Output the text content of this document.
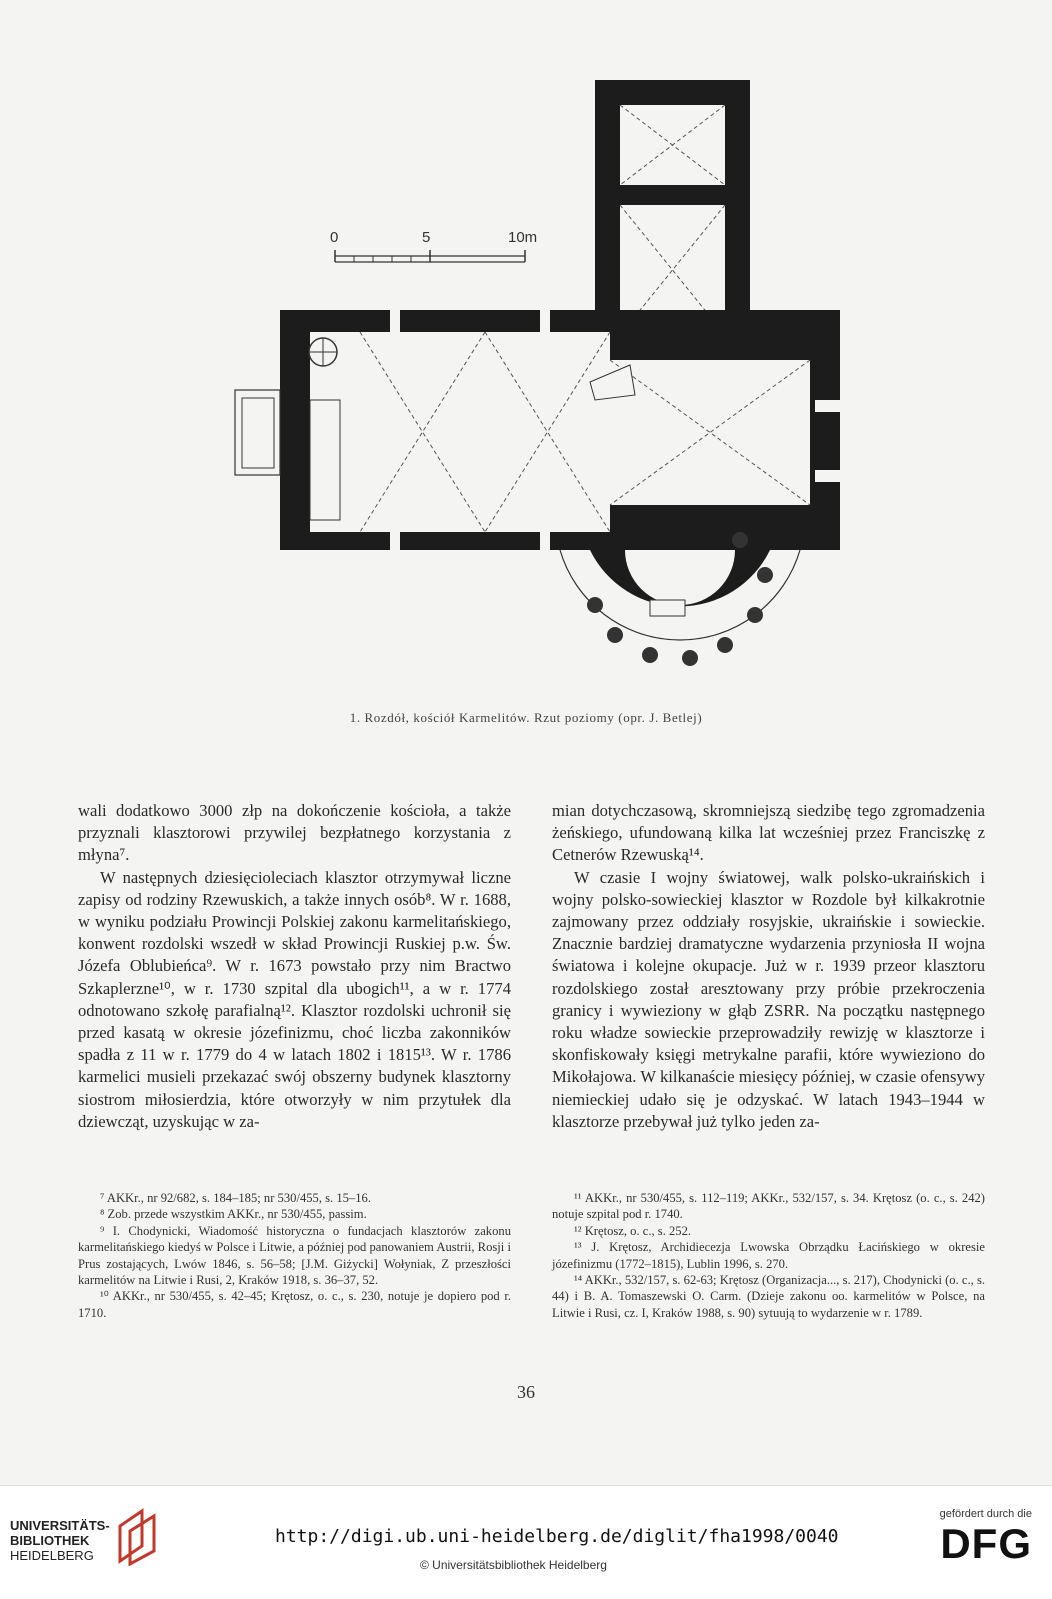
0	5	10m
1. Rozdół, kościół Karmelitów. Rzut poziomy (opr. J. Betlej)

wali dodatkowo 3000 złp na dokończenie kościoła, a także przyznali klasztorowi przywilej bezpłatnego korzystania z młyna⁷.

W następnych dziesięcioleciach klasztor otrzymywał liczne zapisy od rodziny Rzewuskich, a także innych osób⁸. W r. 1688, w wyniku podziału Prowincji Polskiej zakonu karmelitańskiego, konwent rozdolski wszedł w skład Prowincji Ruskiej p.w. Św. Józefa Oblubieńca⁹. W r. 1673 powstało przy nim Bractwo Szkaplerzne¹⁰, w r. 1730 szpital dla ubogich¹¹, a w r. 1774 odnotowano szkołę parafialną¹². Klasztor rozdolski uchronił się przed kasatą w okresie józefinizmu, choć liczba zakonników spadła z 11 w r. 1779 do 4 w latach 1802 i 1815¹³. W r. 1786 karmelici musieli przekazać swój obszerny budynek klasztorny siostrom miłosierdzia, które otworzyły w nim przytułek dla dziewcząt, uzyskując w za-

mian dotychczasową, skromniejszą siedzibę tego zgromadzenia żeńskiego, ufundowaną kilka lat wcześniej przez Franciszkę z Cetnerów Rzewuską¹⁴.

W czasie I wojny światowej, walk polsko-ukraińskich i wojny polsko-sowieckiej klasztor w Rozdole był kilkakrotnie zajmowany przez oddziały rosyjskie, ukraińskie i sowieckie. Znacznie bardziej dramatyczne wydarzenia przyniosła II wojna światowa i kolejne okupacje. Już w r. 1939 przeor klasztoru rozdolskiego został aresztowany przy próbie przekroczenia granicy i wywieziony w głąb ZSRR. Na początku następnego roku władze sowieckie przeprowadziły rewizję w klasztorze i skonfiskowały księgi metrykalne parafii, które wywieziono do Mikołajowa. W kilkanaście miesięcy później, w czasie ofensywy niemieckiej udało się je odzyskać. W latach 1943–1944 w klasztorze przebywał już tylko jeden za-

⁷ AKKr., nr 92/682, s. 184–185; nr 530/455, s. 15–16.

⁸ Zob. przede wszystkim AKKr., nr 530/455, passim.

⁹ I. Chodynicki, Wiadomość historyczna o fundacjach klasztorów zakonu karmelitańskiego kiedyś w Polsce i Litwie, a później pod panowaniem Austrii, Rosji i Prus zostających, Lwów 1846, s. 56–58; [J.M. Giżycki] Wołyniak, Z przeszłości karmelitów na Litwie i Rusi, 2, Kraków 1918, s. 36–37, 52.

¹⁰ AKKr., nr 530/455, s. 42–45; Krętosz, o. c., s. 230, notuje je dopiero pod r. 1710.

¹¹ AKKr., nr 530/455, s. 112–119; AKKr., 532/157, s. 34. Krętosz (o. c., s. 242) notuje szpital pod r. 1740.

¹² Krętosz, o. c., s. 252.

¹³ J. Krętosz, Archidiecezja Lwowska Obrządku Łacińskiego w okresie józefinizmu (1772–1815), Lublin 1996, s. 270.

¹⁴ AKKr., 532/157, s. 62-63; Krętosz (Organizacja..., s. 217), Chodynicki (o. c., s. 44) i B. A. Tomaszewski O. Carm. (Dzieje zakonu oo. karmelitów w Polsce, na Litwie i Rusi, cz. I, Kraków 1988, s. 90) sytuują to wydarzenie w r. 1789.

36
UNIVERSITÄTS-
BIBLIOTHEK
HEIDELBERG
http://digi.ub.uni-heidelberg.de/diglit/fha1998/0040
© Universitätsbibliothek Heidelberg
gefördert durch die
DFG
